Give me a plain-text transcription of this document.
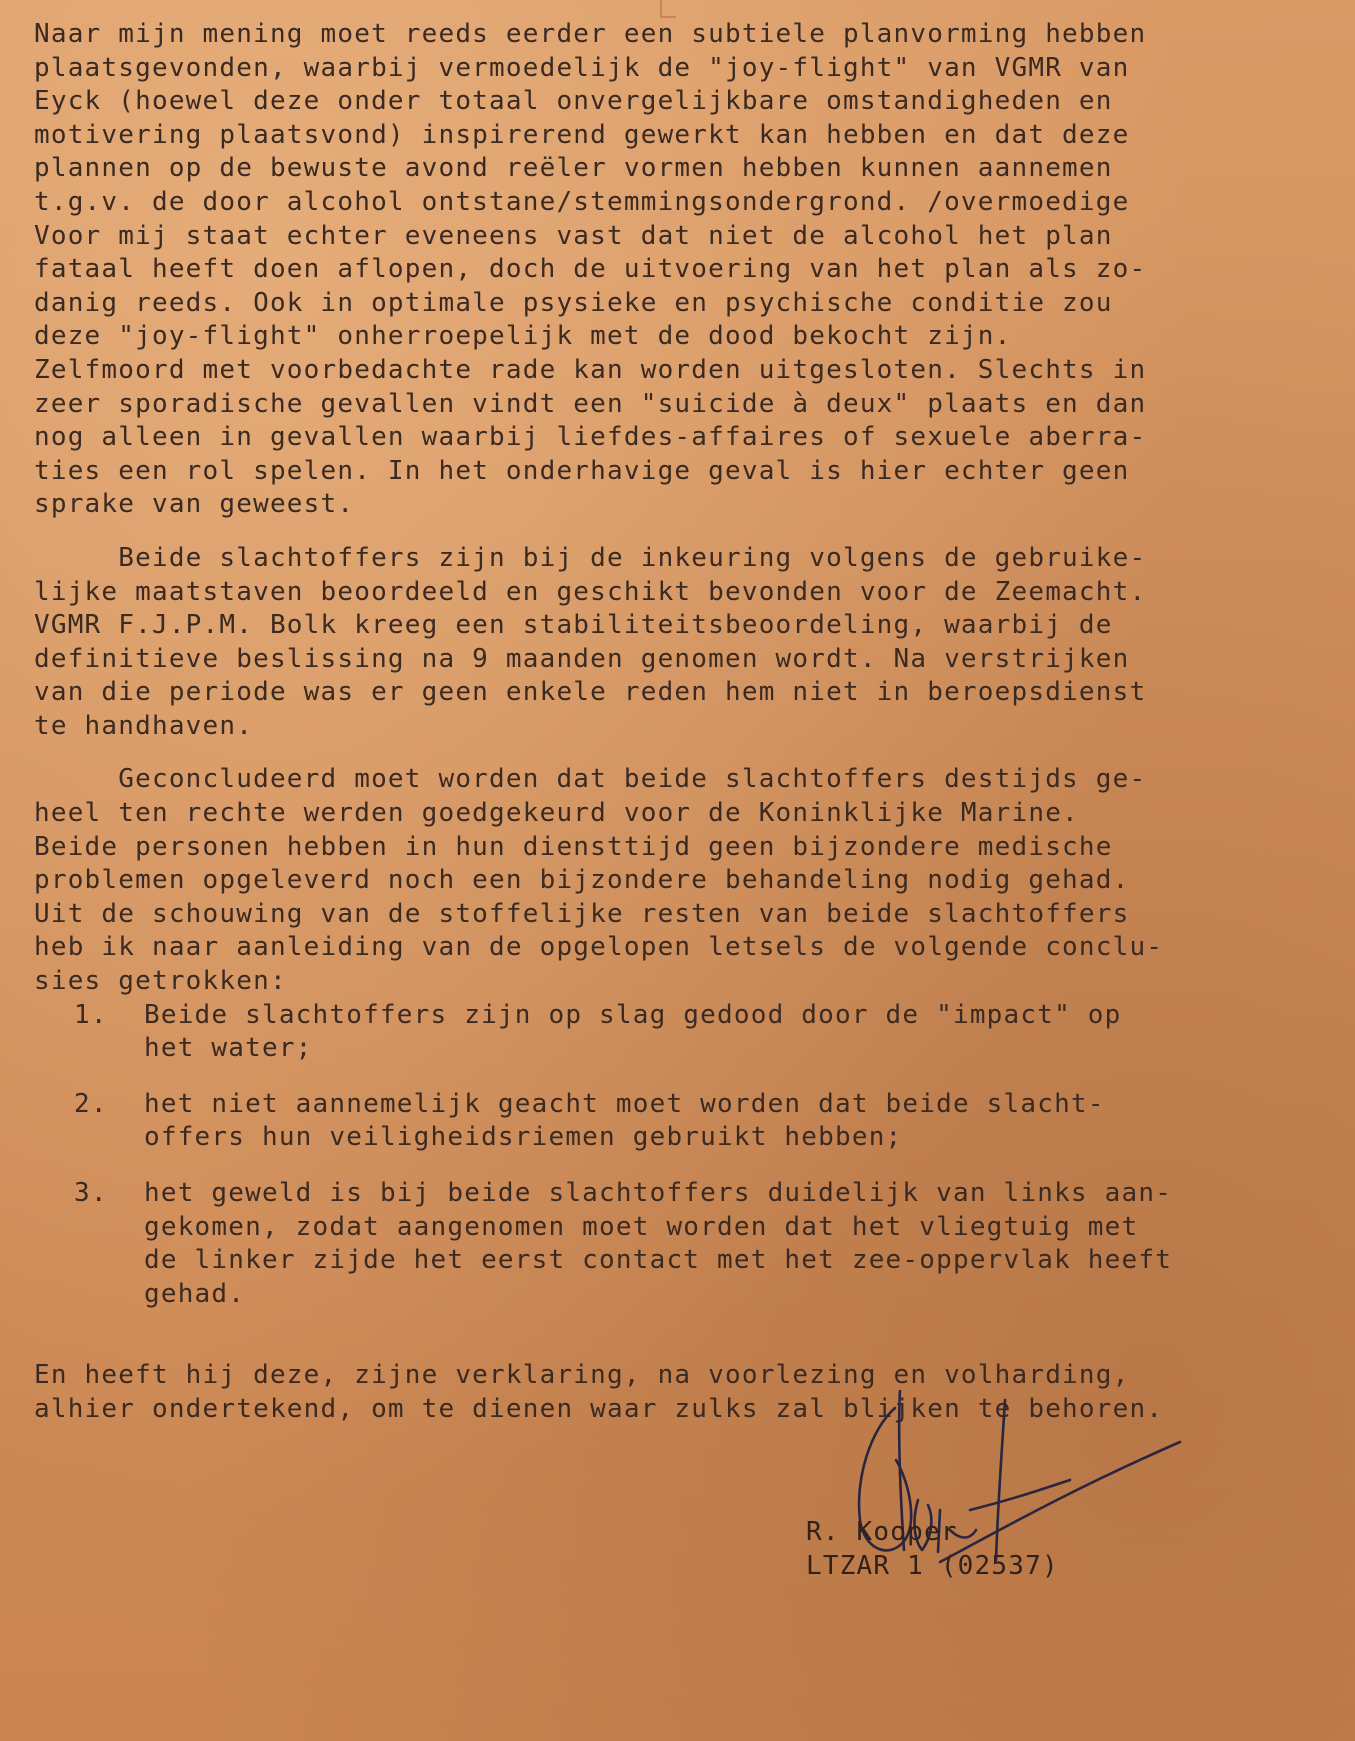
Naar mijn mening moet reeds eerder een subtiele planvorming hebben
plaatsgevonden, waarbij vermoedelijk de "joy-flight" van VGMR van
Eyck (hoewel deze onder totaal onvergelijkbare omstandigheden en
motivering plaatsvond) inspirerend gewerkt kan hebben en dat deze
plannen op de bewuste avond reëler vormen hebben kunnen aannemen
t.g.v. de door alcohol ontstane/stemmingsondergrond. /overmoedige
Voor mij staat echter eveneens vast dat niet de alcohol het plan
fataal heeft doen aflopen, doch de uitvoering van het plan als zo-
danig reeds. Ook in optimale psysieke en psychische conditie zou
deze "joy-flight" onherroepelijk met de dood bekocht zijn.
Zelfmoord met voorbedachte rade kan worden uitgesloten. Slechts in
zeer sporadische gevallen vindt een "suicide à deux" plaats en dan
nog alleen in gevallen waarbij liefdes-affaires of sexuele aberra-
ties een rol spelen. In het onderhavige geval is hier echter geen
sprake van geweest.
Beide slachtoffers zijn bij de inkeuring volgens de gebruike-
lijke maatstaven beoordeeld en geschikt bevonden voor de Zeemacht.
VGMR F.J.P.M. Bolk kreeg een stabiliteitsbeoordeling, waarbij de
definitieve beslissing na 9 maanden genomen wordt. Na verstrijken
van die periode was er geen enkele reden hem niet in beroepsdienst
te handhaven.
Geconcludeerd moet worden dat beide slachtoffers destijds ge-
heel ten rechte werden goedgekeurd voor de Koninklijke Marine.
Beide personen hebben in hun diensttijd geen bijzondere medische
problemen opgeleverd noch een bijzondere behandeling nodig gehad.
Uit de schouwing van de stoffelijke resten van beide slachtoffers
heb ik naar aanleiding van de opgelopen letsels de volgende conclu-
sies getrokken:
1.	Beide slachtoffers zijn op slag gedood door de "impact" op
het water;
2.	het niet aannemelijk geacht moet worden dat beide slacht-
offers hun veiligheidsriemen gebruikt hebben;
3.	het geweld is bij beide slachtoffers duidelijk van links aan-
gekomen, zodat aangenomen moet worden dat het vliegtuig met
de linker zijde het eerst contact met het zee-oppervlak heeft
gehad.
En heeft hij deze, zijne verklaring, na voorlezing en volharding,
alhier ondertekend, om te dienen waar zulks zal blijken te behoren.
R. Kooper
LTZAR 1 (02537)
